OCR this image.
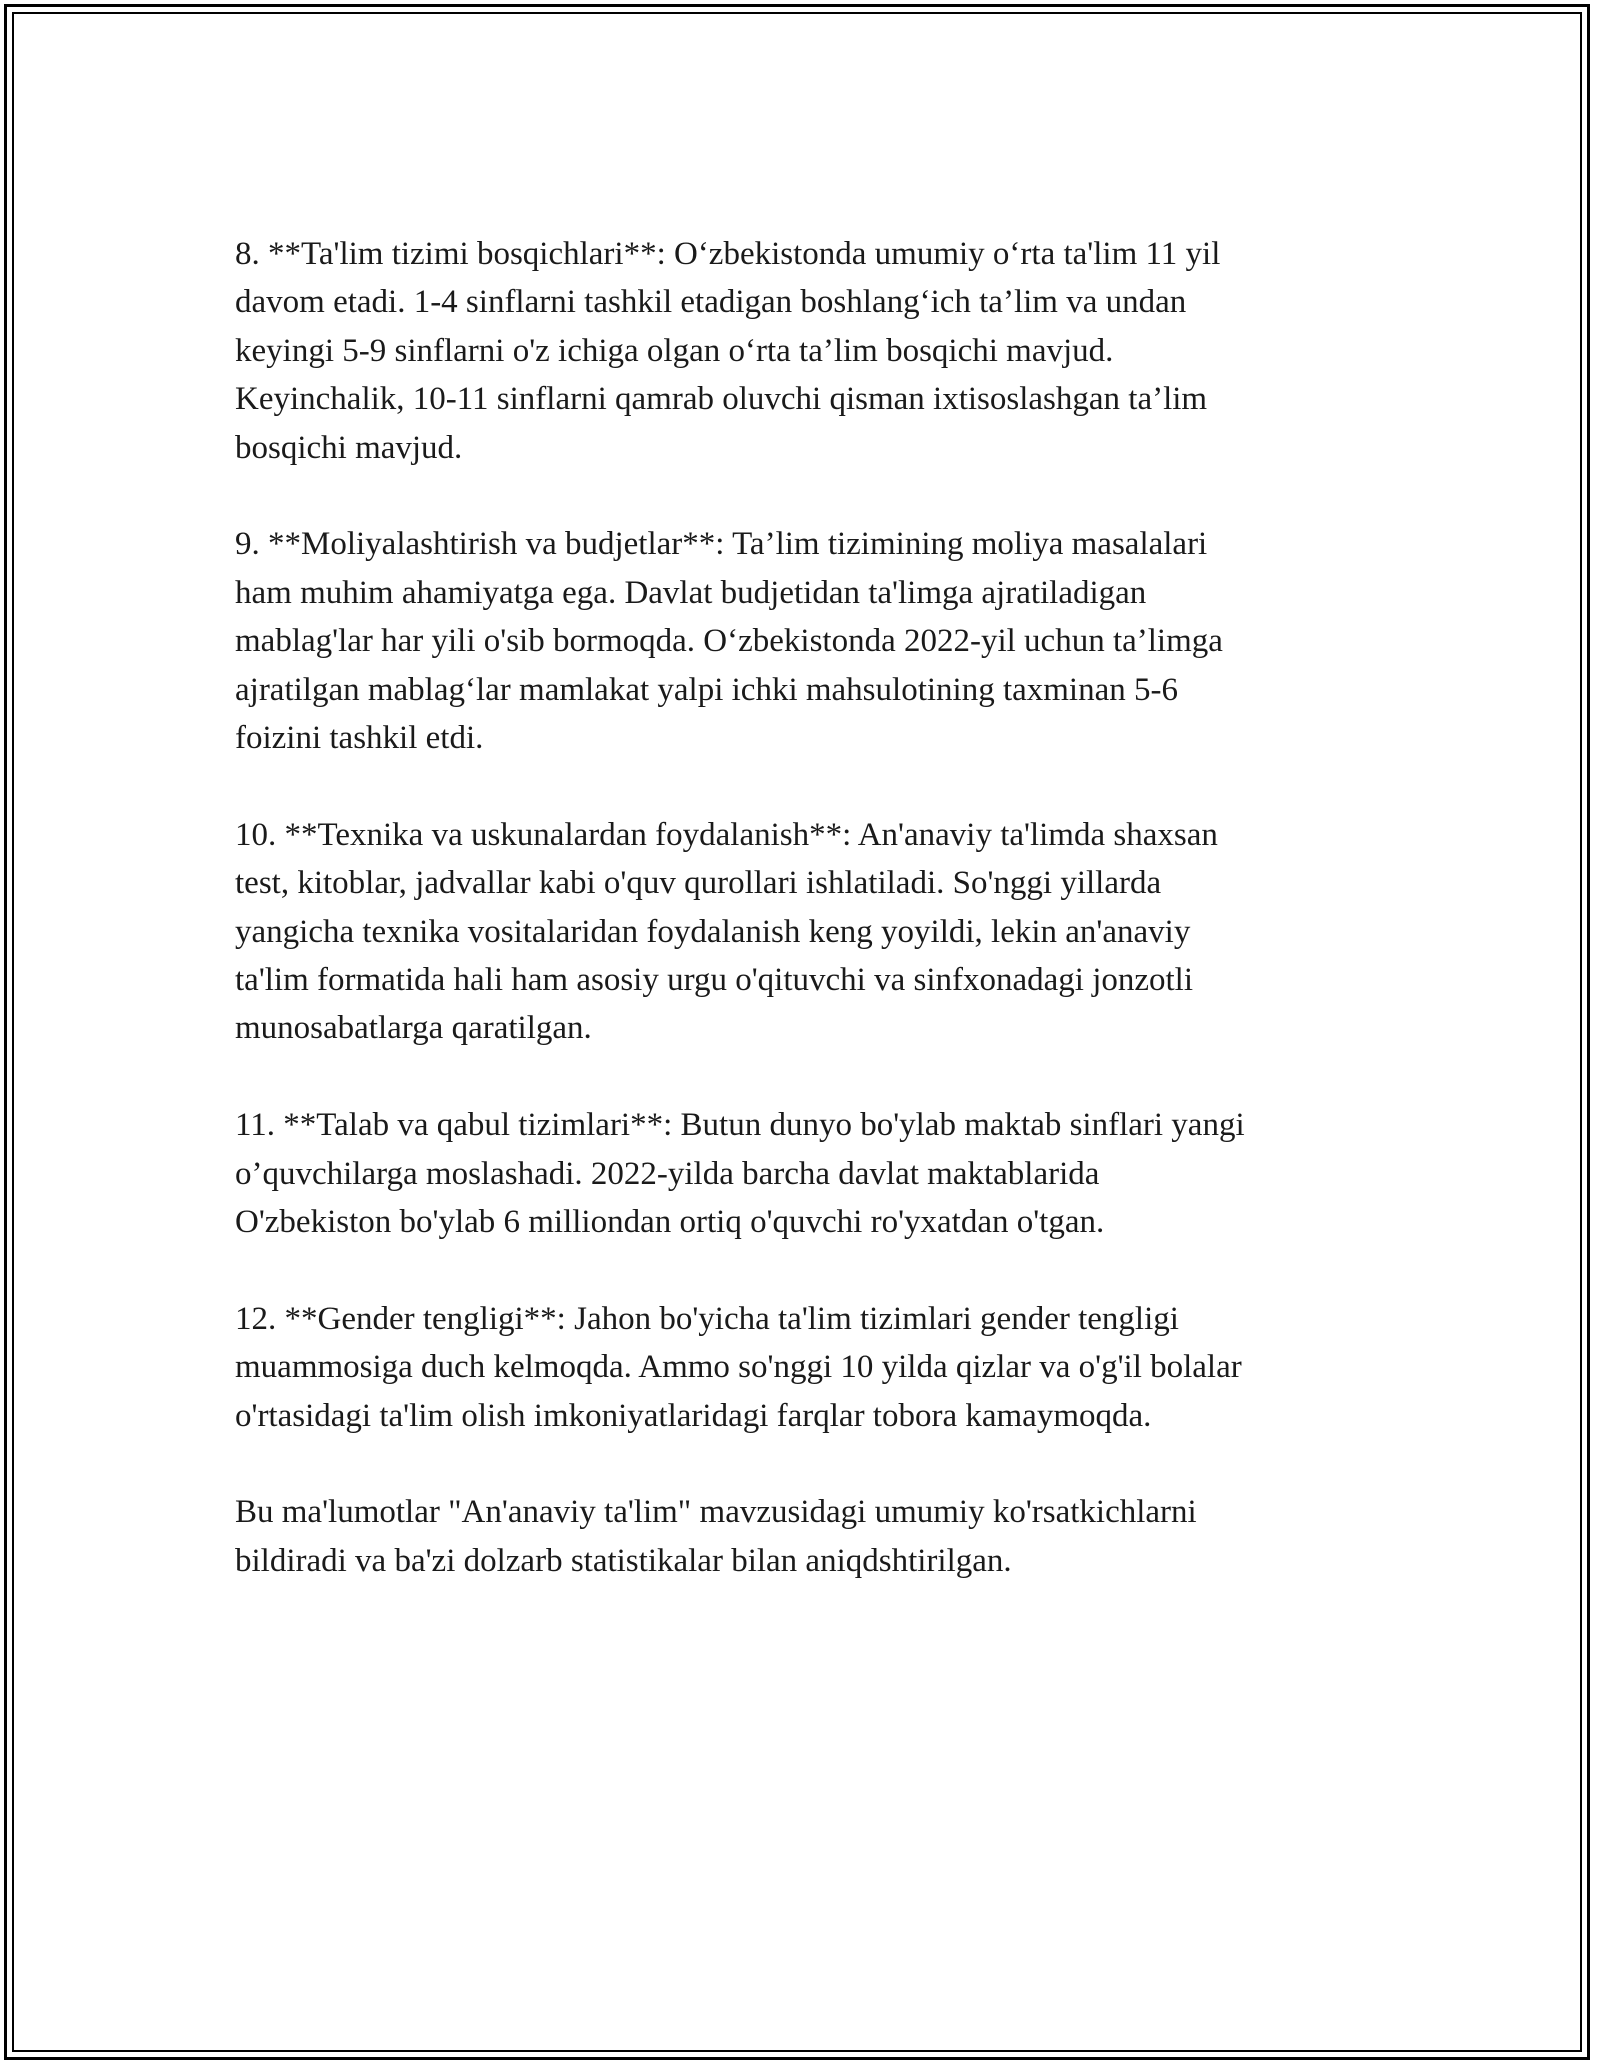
8. **Ta'lim tizimi bosqichlari**: O‘zbekistonda umumiy o‘rta ta'lim 11 yil
davom etadi. 1-4 sinflarni tashkil etadigan boshlang‘ich ta’lim va undan
keyingi 5-9 sinflarni o'z ichiga olgan o‘rta ta’lim bosqichi mavjud.
Keyinchalik, 10-11 sinflarni qamrab oluvchi qisman ixtisoslashgan ta’lim
bosqichi mavjud.

9. **Moliyalashtirish va budjetlar**: Ta’lim tizimining moliya masalalari
ham muhim ahamiyatga ega. Davlat budjetidan ta'limga ajratiladigan
mablag'lar har yili o'sib bormoqda. O‘zbekistonda 2022-yil uchun ta’limga
ajratilgan mablag‘lar mamlakat yalpi ichki mahsulotining taxminan 5-6
foizini tashkil etdi.

10. **Texnika va uskunalardan foydalanish**: An'anaviy ta'limda shaxsan
test, kitoblar, jadvallar kabi o'quv qurollari ishlatiladi. So'nggi yillarda
yangicha texnika vositalaridan foydalanish keng yoyildi, lekin an'anaviy
ta'lim formatida hali ham asosiy urgu o'qituvchi va sinfxonadagi jonzotli
munosabatlarga qaratilgan.

11. **Talab va qabul tizimlari**: Butun dunyo bo'ylab maktab sinflari yangi
o’quvchilarga moslashadi. 2022-yilda barcha davlat maktablarida
O'zbekiston bo'ylab 6 milliondan ortiq o'quvchi ro'yxatdan o'tgan.

12. **Gender tengligi**: Jahon bo'yicha ta'lim tizimlari gender tengligi
muammosiga duch kelmoqda. Ammo so'nggi 10 yilda qizlar va o'g'il bolalar
o'rtasidagi ta'lim olish imkoniyatlaridagi farqlar tobora kamaymoqda.

Bu ma'lumotlar "An'anaviy ta'lim" mavzusidagi umumiy ko'rsatkichlarni
bildiradi va ba'zi dolzarb statistikalar bilan aniqdshtirilgan.
